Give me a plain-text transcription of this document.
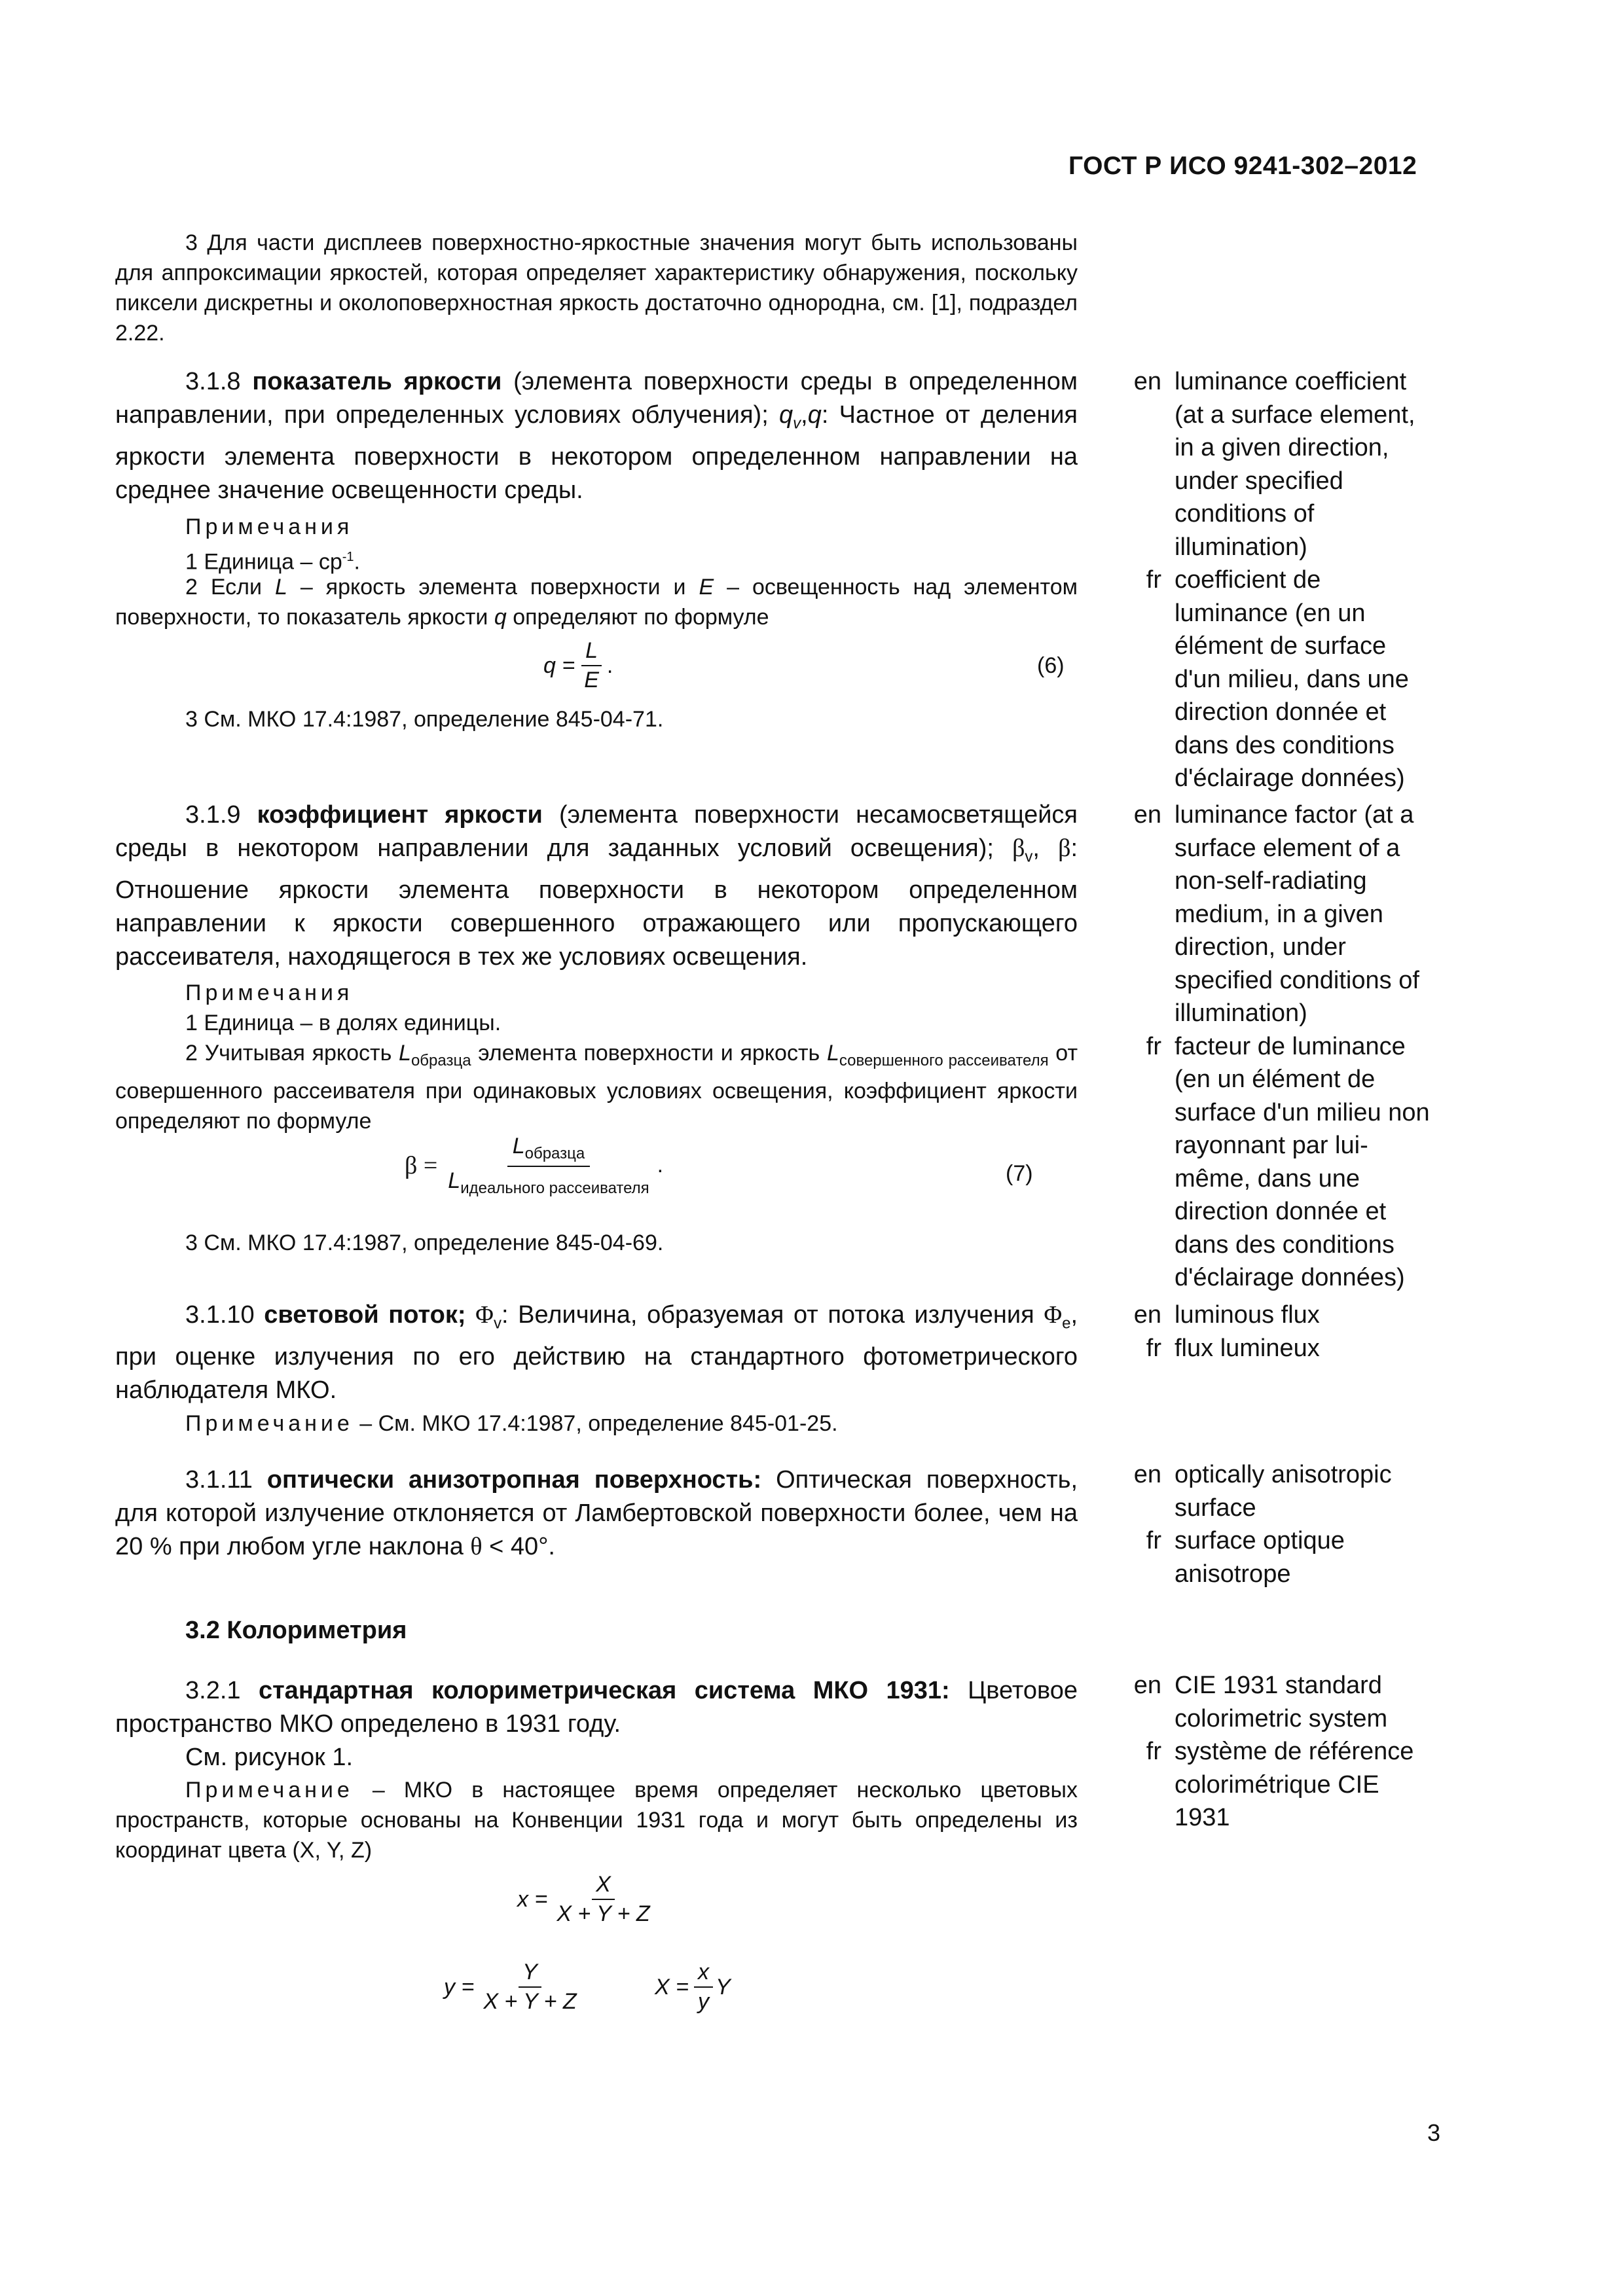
ГОСТ Р ИСО 9241-302–2012
3 Для части дисплеев поверхностно-яркостные значения могут быть использованы для аппроксимации яркостей, которая определяет характеристику обнаружения, поскольку пиксели дискретны и околоповерхностная яркость достаточно однородна, см. [1], подраздел 2.22.
3.1.8 показатель яркости (элемента поверхности среды в определенном направлении, при определенных условиях облучения); $q_v,q$: Частное от деления яркости элемента поверхности в некотором определенном направлении на среднее значение освещенности среды.
Примечания
1 Единица – $ср^{-1}$.
2 Если L – яркость элемента поверхности и E – освещенность над элементом поверхности, то показатель яркости q определяют по формуле
$q = \frac{L}{E}$ .	(6)
3 См. МКО 17.4:1987, определение 845-04-71.
3.1.9 коэффициент яркости (элемента поверхности несамосветящейся среды в некотором направлении для заданных условий освещения); $\beta_v$, β: Отношение яркости элемента поверхности в некотором определенном направлении к яркости совершенного отражающего или пропускающего рассеивателя, находящегося в тех же условиях освещения.
Примечания
1 Единица – в долях единицы.
2 Учитывая яркость $L_{образца}$ элемента поверхности и яркость $L_{совершенного рассеивателя}$ от совершенного рассеивателя при одинаковых условиях освещения, коэффициент яркости определяют по формуле
$\beta = \frac{L_{образца}}{L_{идеального рассеивателя}}$ .	(7)
3 См. МКО 17.4:1987, определение 845-04-69.
3.1.10 световой поток; $\Phi_v$: Величина, образуемая от потока излучения $\Phi_e$, при оценке излучения по его действию на стандартного фотометрического наблюдателя МКО.
Примечание – См. МКО 17.4:1987, определение 845-01-25.
3.1.11 оптически анизотропная поверхность: Оптическая поверхность, для которой излучение отклоняется от Ламбертовской поверхности более, чем на 20 % при любом угле наклона θ < 40°.
3.2 Колориметрия
3.2.1 стандартная колориметрическая система МКО 1931: Цветовое пространство МКО определено в 1931 году.
См. рисунок 1.
Примечание – МКО в настоящее время определяет несколько цветовых пространств, которые основаны на Конвенции 1931 года и могут быть определены из координат цвета (X, Y, Z)
$x = \frac{X}{X + Y + Z}$
$y = \frac{Y}{X + Y + Z}$	$X = \frac{x}{y}$ Y
en luminance coefficient (at a surface element, in a given direction, under specified conditions of illumination)
fr coefficient de luminance (en un élément de surface d'un milieu, dans une direction donnée et dans des conditions d'éclairage données)
en luminance factor (at a surface element of a non-self-radiating medium, in a given direction, under specified conditions of illumination)
fr facteur de luminance (en un élément de surface d'un milieu non rayonnant par lui-même, dans une direction donnée et dans des conditions d'éclairage données)
en luminous flux
fr flux lumineux
en optically anisotropic surface
fr surface optique anisotrope
en CIE 1931 standard colorimetric system
fr système de référence colorimétrique CIE 1931
3
